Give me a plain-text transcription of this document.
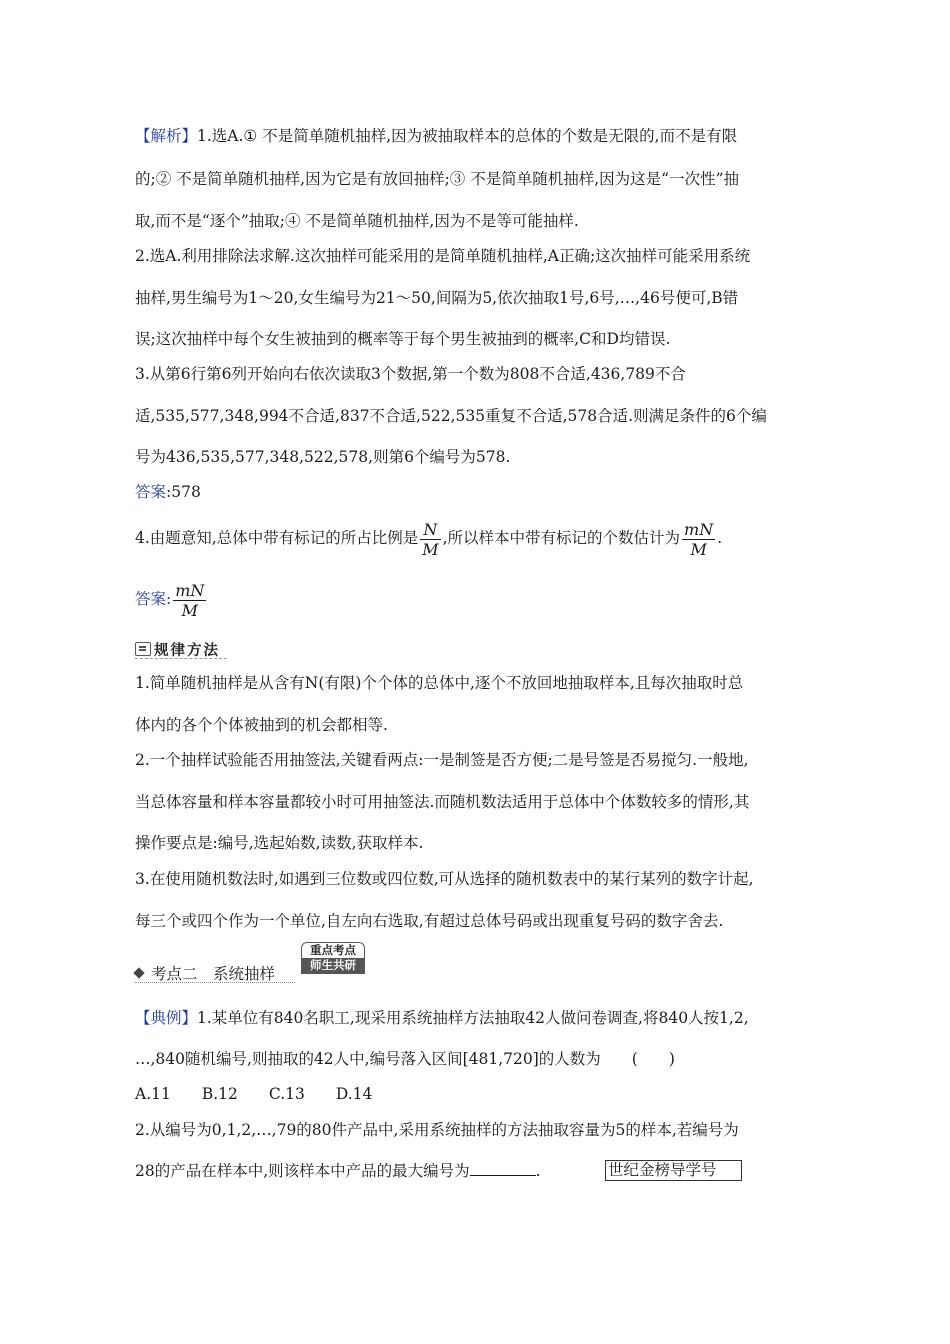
【解析】1.选A.① 不是简单随机抽样,因为被抽取样本的总体的个数是无限的,而不是有限
的;② 不是简单随机抽样,因为它是有放回抽样;③ 不是简单随机抽样,因为这是“一次性”抽
取,而不是“逐个”抽取;④ 不是简单随机抽样,因为不是等可能抽样.
2.选A.利用排除法求解.这次抽样可能采用的是简单随机抽样,A正确;这次抽样可能采用系统
抽样,男生编号为1～20,女生编号为21～50,间隔为5,依次抽取1号,6号,…,46号便可,B错
误;这次抽样中每个女生被抽到的概率等于每个男生被抽到的概率,C和D均错误.
3.从第6行第6列开始向右依次读取3个数据,第一个数为808不合适,436,789不合
适,535,577,348,994不合适,837不合适,522,535重复不合适,578合适.则满足条件的6个编
号为436,535,577,348,522,578,则第6个编号为578.
答案:578
4.由题意知,总体中带有标记的所占比例是 $\frac{N}{M}$ ,所以样本中带有标记的个数估计为 $\frac{mN}{M}$ .
答案: $\frac{mN}{M}$
规律方法
1.简单随机抽样是从含有N(有限)个个体的总体中,逐个不放回地抽取样本,且每次抽取时总
体内的各个个体被抽到的机会都相等.
2.一个抽样试验能否用抽签法,关键看两点:一是制签是否方便;二是号签是否易搅匀.一般地,
当总体容量和样本容量都较小时可用抽签法.而随机数法适用于总体中个体数较多的情形,其
操作要点是:编号,选起始数,读数,获取样本.
3.在使用随机数法时,如遇到三位数或四位数,可从选择的随机数表中的某行某列的数字计起,
每三个或四个作为一个单位,自左向右选取,有超过总体号码或出现重复号码的数字舍去.
考点二　系统抽样
重点考点
师生共研
【典例】1.某单位有840名职工,现采用系统抽样方法抽取42人做问卷调查,将840人按1,2,
…,840随机编号,则抽取的42人中,编号落入区间[481,720]的人数为　　(　　)
A.11　　B.12　　C.13　　D.14
2.从编号为0,1,2,…,79的80件产品中,采用系统抽样的方法抽取容量为5的样本,若编号为
28的产品在样本中,则该样本中产品的最大编号为	.	世纪金榜导学号
